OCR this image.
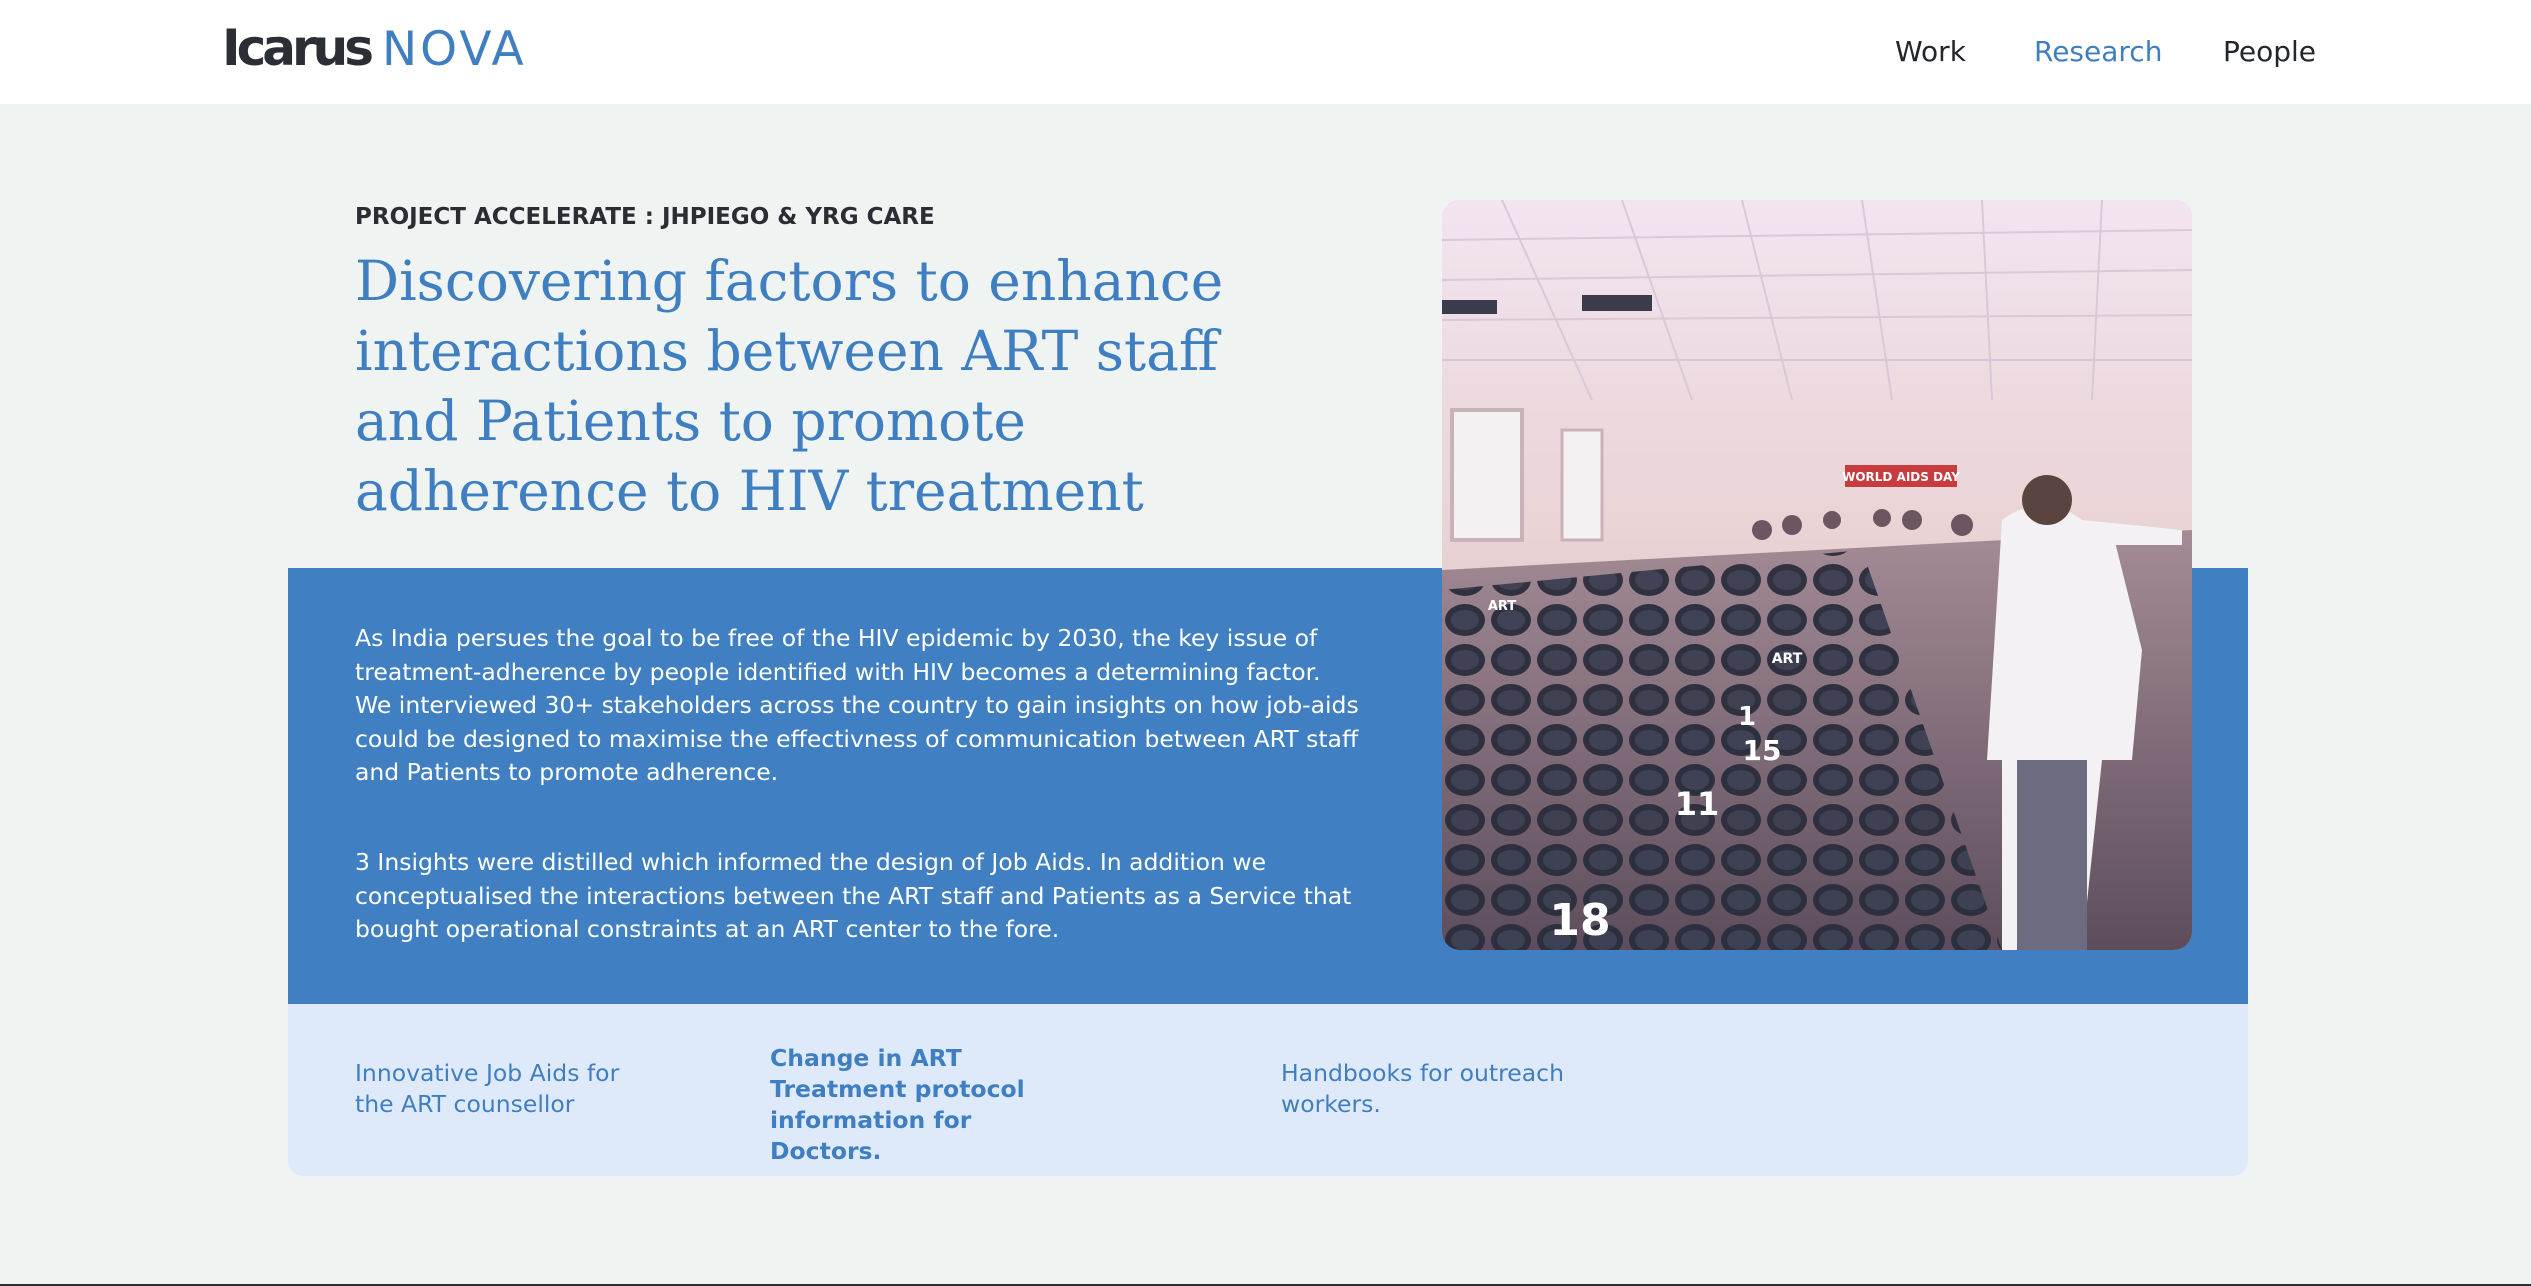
Icarus NOVA	Work Research People
PROJECT ACCELERATE : JHPIEGO & YRG CARE
Discovering factors to enhance interactions between ART staff and Patients to promote adherence to HIV treatment

As India persues the goal to be free of the HIV epidemic by 2030, the key issue of treatment-adherence by people identified with HIV becomes a determining factor. We interviewed 30+ stakeholders across the country to gain insights on how job-aids could be designed to maximise the effectivness of communication between ART staff and Patients to promote adherence.

3 Insights were distilled which informed the design of Job Aids. In addition we conceptualised the interactions between the ART staff and Patients as a Service that bought operational constraints at an ART center to the fore.

WORLD AIDS DAY
1
15
11
18
ART
ART

Innovative Job Aids for the ART counsellor

Change in ART Treatment protocol information for Doctors.

Handbooks for outreach workers.
